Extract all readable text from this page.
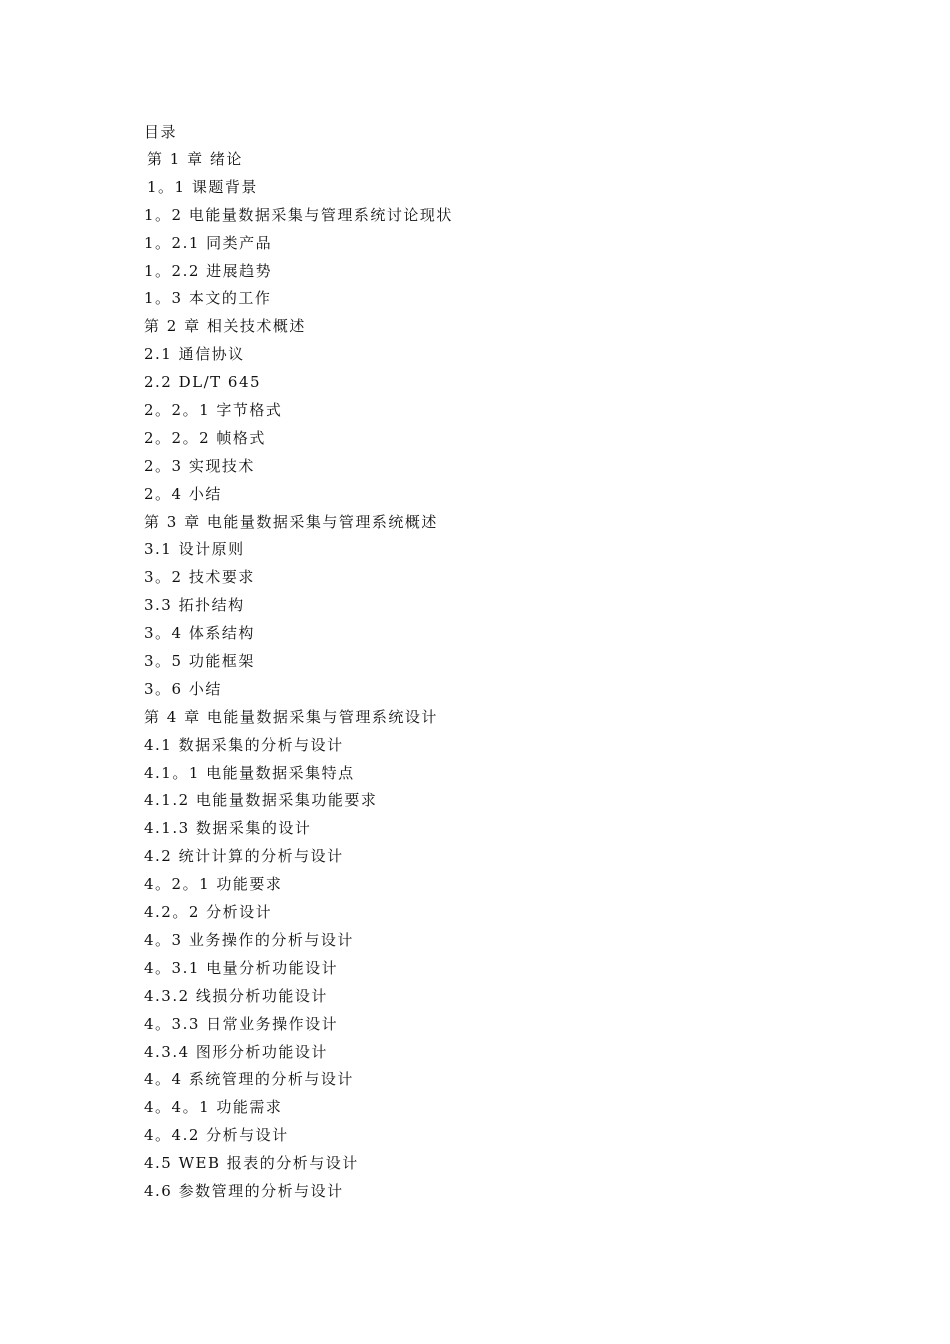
目录
第 1 章 绪论
1。1 课题背景
1。2 电能量数据采集与管理系统讨论现状
1。2.1 同类产品
1。2.2 进展趋势
1。3 本文的工作
第 2 章 相关技术概述
2.1 通信协议
2.2 DL/T 645
2。2。1 字节格式
2。2。2 帧格式
2。3 实现技术
2。4 小结
第 3 章 电能量数据采集与管理系统概述
3.1 设计原则
3。2 技术要求
3.3 拓扑结构
3。4 体系结构
3。5 功能框架
3。6 小结
第 4 章 电能量数据采集与管理系统设计
4.1 数据采集的分析与设计
4.1。1 电能量数据采集特点
4.1.2 电能量数据采集功能要求
4.1.3 数据采集的设计
4.2 统计计算的分析与设计
4。2。1 功能要求
4.2。2 分析设计
4。3 业务操作的分析与设计
4。3.1 电量分析功能设计
4.3.2 线损分析功能设计
4。3.3 日常业务操作设计
4.3.4 图形分析功能设计
4。4 系统管理的分析与设计
4。4。1 功能需求
4。4.2 分析与设计
4.5 WEB 报表的分析与设计
4.6 参数管理的分析与设计
